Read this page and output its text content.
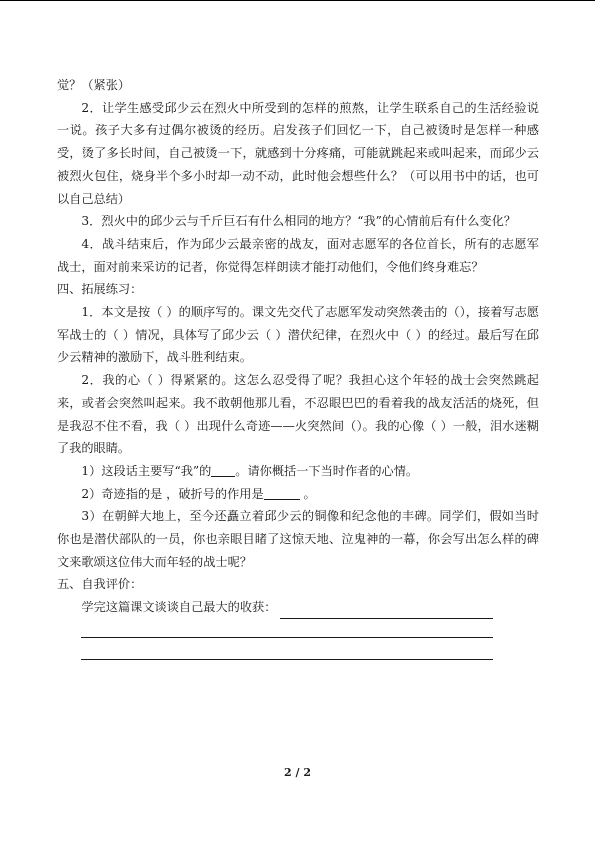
觉？（紧张）

2．让学生感受邱少云在烈火中所受到的怎样的煎熬，让学生联系自己的生活经验说一说。孩子大多有过偶尔被烫的经历。启发孩子们回忆一下，自己被烫时是怎样一种感受，烫了多长时间，自己被烫一下，就感到十分疼痛，可能就跳起来或叫起来，而邱少云被烈火包住，烧身半个多小时却一动不动，此时他会想些什么？（可以用书中的话，也可以自己总结）

3．烈火中的邱少云与千斤巨石有什么相同的地方？“我”的心情前后有什么变化？

4．战斗结束后，作为邱少云最亲密的战友，面对志愿军的各位首长，所有的志愿军战士，面对前来采访的记者，你觉得怎样朗读才能打动他们，令他们终身难忘？

四、拓展练习：

1．本文是按（ ）的顺序写的。课文先交代了志愿军发动突然袭击的（），接着写志愿军战士的（ ）情况，具体写了邱少云（ ）潜伏纪律，在烈火中（ ）的经过。最后写在邱少云精神的激励下，战斗胜利结束。

2．我的心（ ）得紧紧的。这怎么忍受得了呢？我担心这个年轻的战士会突然跳起来，或者会突然叫起来。我不敢朝他那儿看，不忍眼巴巴的看着我的战友活活的烧死，但是我忍不住不看，我（ ）出现什么奇迹——火突然间（）。我的心像（ ）一般，泪水迷糊了我的眼睛。

1）这段话主要写“我”的 。请你概括一下当时作者的心情。

2）奇迹指的是 ，破折号的作用是	。

3）在朝鲜大地上，至今还矗立着邱少云的铜像和纪念他的丰碑。同学们，假如当时你也是潜伏部队的一员，你也亲眼目睹了这惊天地、泣鬼神的一幕，你会写出怎么样的碑文来歌颂这位伟大而年轻的战士呢？

五、自我评价：

学完这篇课文谈谈自己最大的收获：
2 / 2
